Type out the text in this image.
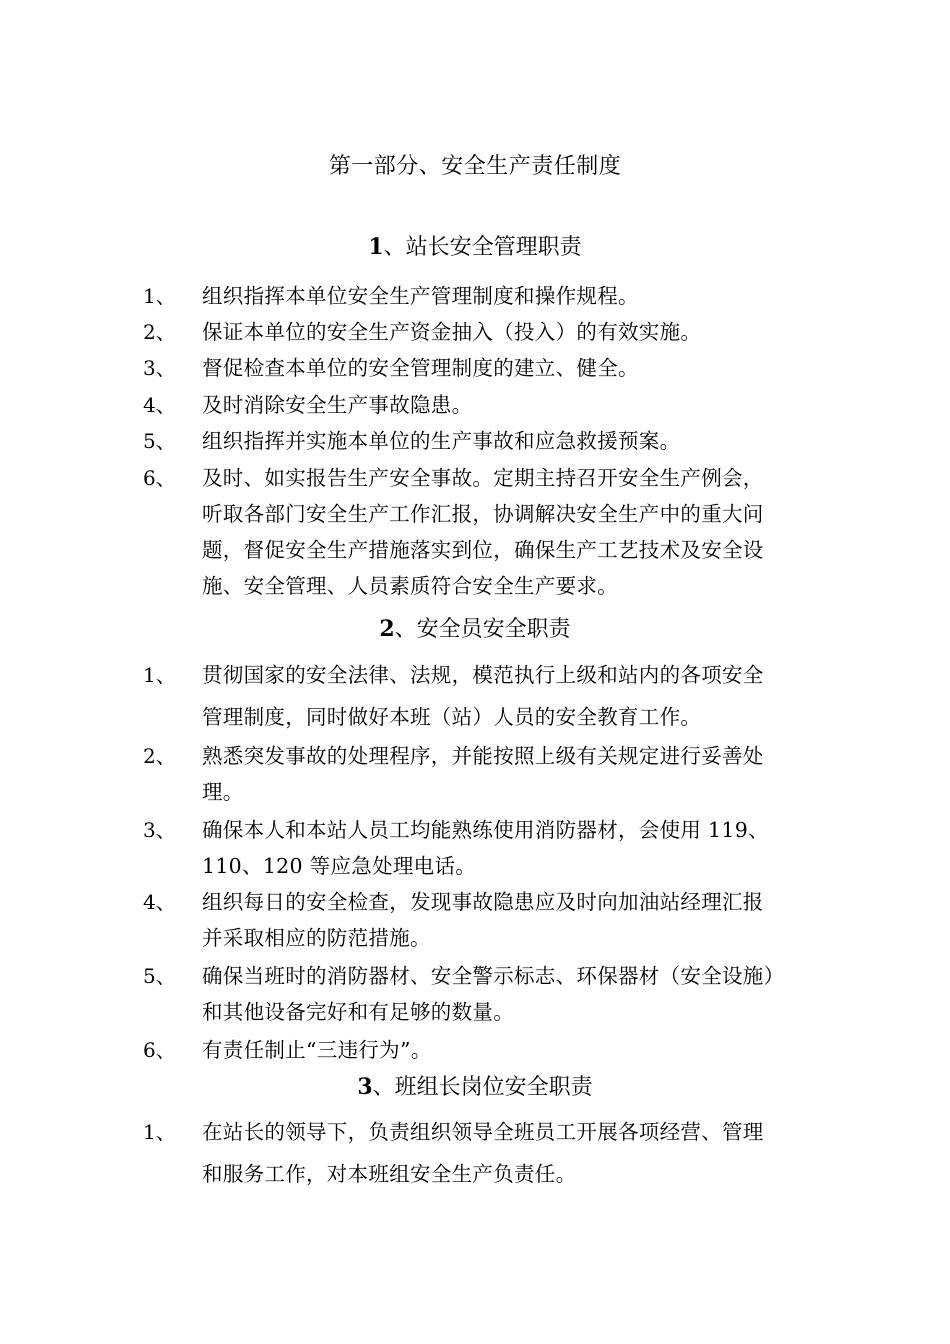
第一部分、安全生产责任制度
1、站长安全管理职责
1、 组织指挥本单位安全生产管理制度和操作规程。
2、 保证本单位的安全生产资金抽入（投入）的有效实施。
3、 督促检查本单位的安全管理制度的建立、健全。
4、 及时消除安全生产事故隐患。
5、 组织指挥并实施本单位的生产事故和应急救援预案。
6、 及时、如实报告生产安全事故。定期主持召开安全生产例会，
听取各部门安全生产工作汇报，协调解决安全生产中的重大问
题，督促安全生产措施落实到位，确保生产工艺技术及安全设
施、安全管理、人员素质符合安全生产要求。
2、安全员安全职责
1、 贯彻国家的安全法律、法规，模范执行上级和站内的各项安全
管理制度，同时做好本班（站）人员的安全教育工作。
2、 熟悉突发事故的处理程序，并能按照上级有关规定进行妥善处
理。
3、 确保本人和本站人员工均能熟练使用消防器材，会使用 119、
110、120 等应急处理电话。
4、 组织每日的安全检查，发现事故隐患应及时向加油站经理汇报
并采取相应的防范措施。
5、 确保当班时的消防器材、安全警示标志、环保器材（安全设施）
和其他设备完好和有足够的数量。
6、 有责任制止“三违行为”。
3、班组长岗位安全职责
1、 在站长的领导下，负责组织领导全班员工开展各项经营、管理
和服务工作，对本班组安全生产负责任。
